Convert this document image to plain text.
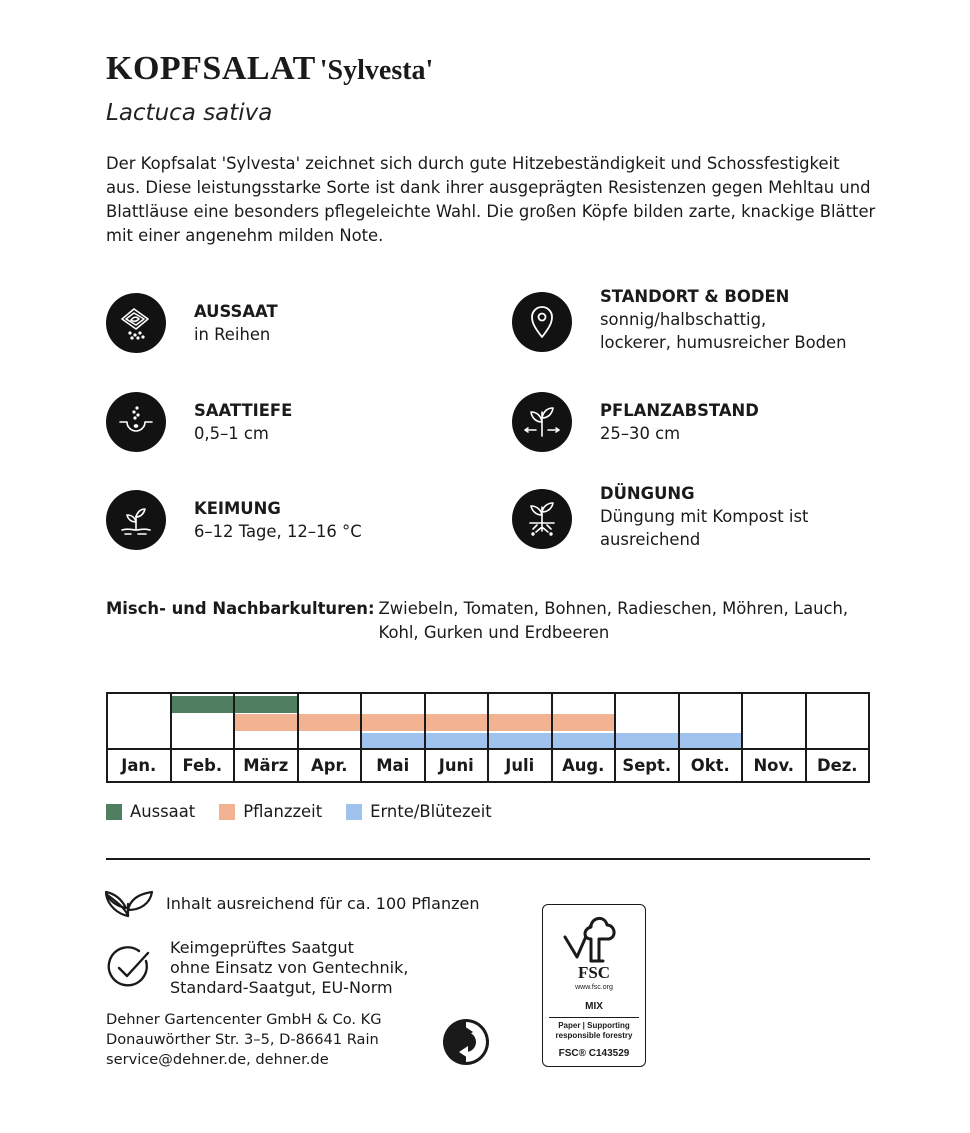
KOPFSALAT 'Sylvesta'
Lactuca sativa

Der Kopfsalat 'Sylvesta' zeichnet sich durch gute Hitzebeständigkeit und Schossfestigkeit aus. Diese leistungsstarke Sorte ist dank ihrer ausgeprägten Resistenzen gegen Mehltau und Blattläuse eine besonders pflegeleichte Wahl. Die großen Köpfe bilden zarte, knackige Blätter mit einer angenehm milden Note.

AUSSAAT
in Reihen
STANDORT & BODEN
sonnig/halbschattig,
lockerer, humusreicher Boden
SAATTIEFE
0,5–1 cm
PFLANZABSTAND
25–30 cm
KEIMUNG
6–12 Tage, 12–16 °C
DÜNGUNG
Düngung mit Kompost ist
ausreichend
Misch- und Nachbarkulturen: Zwiebeln, Tomaten, Bohnen, Radieschen, Möhren, Lauch, Kohl, Gurken und Erdbeeren
Jan.	Feb.	März	Apr.	Mai	Juni	Juli	Aug.	Sept.	Okt.	Nov.	Dez.
Aussaat	Pflanzzeit	Ernte/Blütezeit
Inhalt ausreichend für ca. 100 Pflanzen
Keimgeprüftes Saatgut
ohne Einsatz von Gentechnik,
Standard-Saatgut, EU-Norm
Dehner Gartencenter GmbH & Co. KG
Donauwörther Str. 3–5, D-86641 Rain
service@dehner.de, dehner.de
FSC
www.fsc.org
MIX
Paper | Supporting
responsible forestry
FSC® C143529
